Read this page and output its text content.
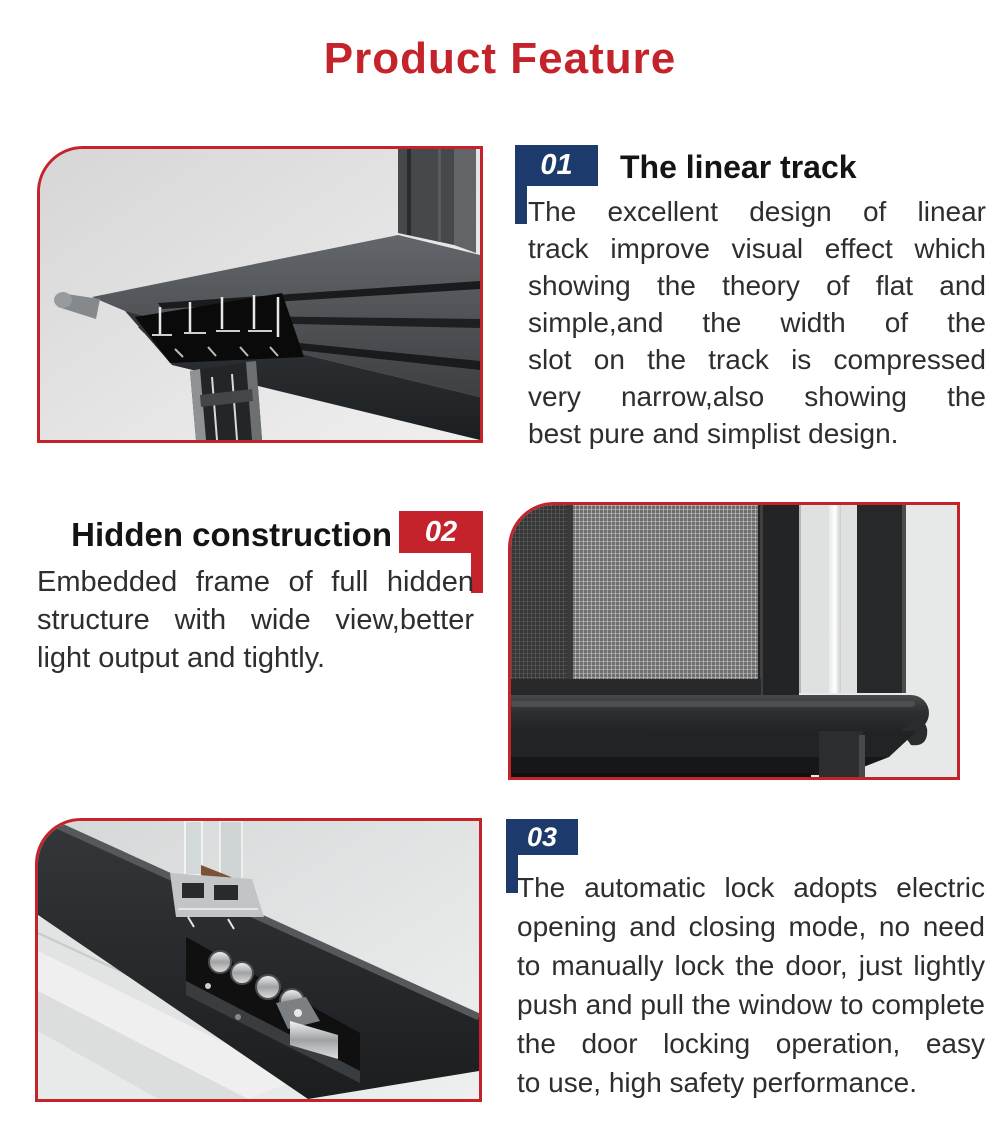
Product Feature
01 The linear track
The excellent design of linear
track improve visual effect which
showing the theory of flat and
simple,and the width of the
slot on the track is compressed
very narrow,also showing the
best pure and simplist design.
Hidden construction 02
Embedded frame of full hidden
structure with wide view,better
light output and tightly.
03
The automatic lock adopts electric
opening and closing mode, no need
to manually lock the door, just lightly
push and pull the window to complete
the door locking operation, easy
to use, high safety performance.
